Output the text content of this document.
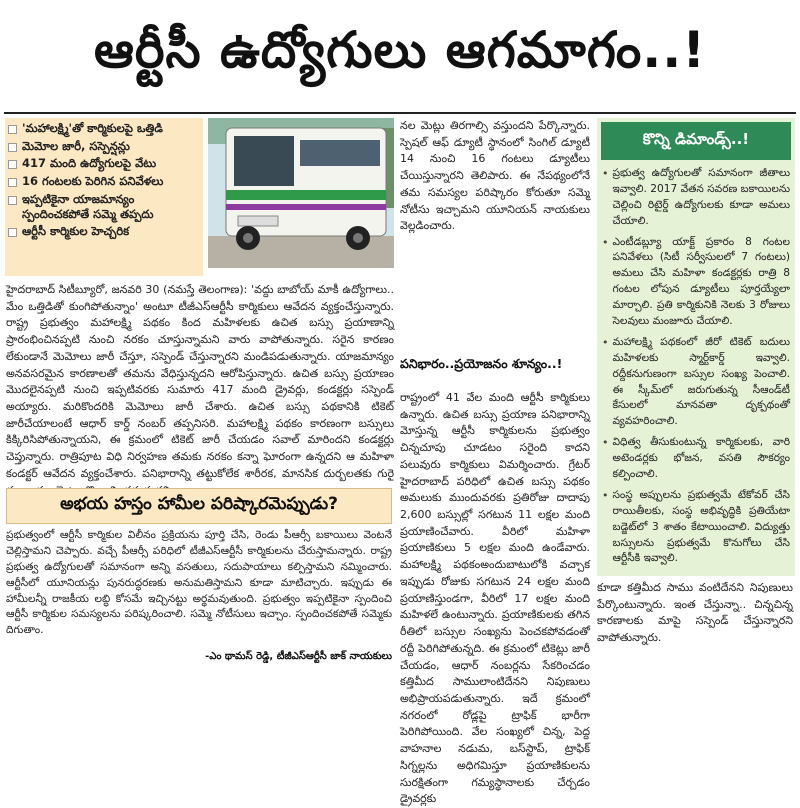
ఆర్టీసీ ఉద్యోగులు ఆగమాగం..!
'మహాలక్ష్మి'తో కార్మికులపై ఒత్తిడి
మెమోల జారీ, సస్పెన్షన్లు
417 మంది ఉద్యోగులపై వేటు
16 గంటలకు పెరిగిన పనివేళలు
ఇప్పటికైనా యాజమాన్యం స్పందించకపోతే సమ్మె తప్పదు
ఆర్టీసీ కార్మికుల హెచ్చరిక
హైదరాబాద్ సిటీబ్యూరో, జనవరి 30 (నమస్తే తెలంగాణ): 'వద్దు బాబోయ్ మాకీ ఉద్యోగాలు.. మేం ఒత్తిడితో కుంగిపోతున్నాం' అంటూ టీజీఎస్ఆర్టీసీ కార్మికులు ఆవేదన వ్యక్తంచేస్తున్నారు. రాష్ట్ర ప్రభుత్వం మహాలక్ష్మి పథకం కింద మహిళలకు ఉచిత బస్సు ప్రయాణాన్ని ప్రారంభించినప్పటి నుంచి నరకం చూస్తున్నామని వారు వాపోతున్నారు. సరైన కారణం లేకుండానే మెమోలు జారీ చేస్తూ, సస్పెండ్ చేస్తున్నారని మండిపడుతున్నారు. యాజమాన్యం అనవసరమైన కారణాలతో తమను వేధిస్తున్నదని ఆరోపిస్తున్నారు. ఉచిత బస్సు ప్రయాణం మొదలైనప్పటి నుంచి ఇప్పటివరకు సుమారు 417 మంది డ్రైవర్లు, కండక్టర్లు సస్పెండ్ అయ్యారు. మరికొందరికి మెమోలు జారీ చేశారు. ఉచిత బస్సు పథకానికి టికెట్ జారీచేయాలంటే ఆధార్ కార్డ్ నంబర్ తప్పనిసరి. మహాలక్ష్మి పథకం కారణంగా బస్సులు కిక్కిరిసిపోతున్నాయని, ఈ క్రమంలో టికెట్ జారీ చేయడం సవాల్ మారిందని కండక్టర్లు చెప్తున్నారు. రాత్రిపూట విధి నిర్వహణ తమకు నరకం కన్నా ఘోరంగా ఉన్నదని ఆ మహిళా కండక్టర్ ఆవేదన వ్యక్తంచేశారు. పనిభారాన్ని తట్టుకోలేక శారీరక, మానసిక దుర్బలతకు గురై
నల మెట్లు తిరగాల్సి వస్తుందని పేర్కొన్నారు. స్పెషల్ ఆఫ్ డ్యూటీ స్థానంలో సింగిల్ డ్యూటీ 14 నుంచి 16 గంటలు డ్యూటీలు చేయిస్తున్నారని తెలిపారు. ఈ నేపథ్యంలోనే తమ సమస్యల పరిష్కారం కోరుతూ సమ్మె నోటీసు ఇచ్చామని యూనియన్ నాయకులు వెల్లడించారు.
పనిభారం..ప్రయోజనం శూన్యం..!
రాష్ట్రంలో 41 వేల మంది ఆర్టీసీ కార్మికులు ఉన్నారు. ఉచిత బస్సు ప్రయాణ పనిభారాన్ని మోస్తున్న ఆర్టీసీ కార్మికులను ప్రభుత్వం చిన్నచూపు చూడటం సరైంది కాదని పలువురు కార్మికులు విమర్శించారు. గ్రేటర్ హైదరాబాద్ పరిధిలో ఉచిత బస్సు పథకం అమలుకు ముందువరకు ప్రతిరోజు దాదాపు 2,600 బస్సుల్లో సగటున 11 లక్షల మంది ప్రయాణించేవారు. వీరిలో మహిళా ప్రయాణికులు 5 లక్షల మంది ఉండేవారు. మహాలక్ష్మి పథకంఅందుబాటులోకి వచ్చాక ఇప్పుడు రోజుకు సగటున 24 లక్షల మంది ప్రయాణిస్తుండగా, వీరిలో 17 లక్షల మంది మహిళలే ఉంటున్నారు. ప్రయాణికులకు తగిన రీతిలో బస్సుల సంఖ్యను పెంచకపోవడంతో రద్దీ పెరిగిపోతున్నది. ఈ క్రమంలో టికెట్లు జారీ చేయడం, ఆధార్ నంబర్లను సేకరించడం కత్తిమీద సాములాంటిదేనని నిపుణులు అభిప్రాయపడుతున్నారు. ఇదే క్రమంలో నగరంలో రోడ్లపై ట్రాఫిక్ భారీగా పెరిగిపోయింది. వేల సంఖ్యలో చిన్న, పెద్ద వాహనాల నడుమ, బస్‌స్టాప్, ట్రాఫిక్ సిగ్నల్లను అధిగమిస్తూ ప్రయాణికులను సురక్షితంగా గమ్యస్థానాలకు చేర్చడం డ్రైవర్లకు
కూడా కత్తిమీద సాము వంటిదేనని నిపుణులు పేర్కొంటున్నారు. ఇంత చేస్తున్నా.. చిన్నచిన్న కారణాలకు మాపై సస్పెండ్ చేస్తున్నారని వాపోతున్నారు.
అభయ హస్తం హామీల పరిష్కారమెప్పుడు?
ప్రభుత్వంలో ఆర్టీసీ కార్మికుల విలీనం ప్రక్రియను పూర్తి చేసి, రెండు పీఆర్సీ బకాయిలు వెంటనే చెల్లిస్తామని చెప్పారు. వచ్చే పీఆర్సీ పరిధిలో టీజీఎస్ఆర్టీసీ కార్మికులను చేరుస్తామన్నారు. రాష్ట్ర ప్రభుత్వ ఉద్యోగులతో సమానంగా అన్ని వసతులు, సదుపాయాలు కల్పిస్తామని నమ్మించారు. ఆర్టీసీలో యూనియన్లు పునరుద్ధరణకు అనుమతిస్తామని కూడా మాటిచ్చారు. ఇప్పుడు ఈ హామీలన్నీ రాజకీయ లబ్ధి కోసమే ఇచ్చినట్టు అర్థమవుతుంది. ప్రభుత్వం ఇప్పటికైనా స్పందించి ఆర్టీసీ కార్మికుల సమస్యలను పరిష్కరించాలి. సమ్మె నోటీసులు ఇచ్చాం. స్పందించకపోతే సమ్మెకు దిగుతాం.
-ఎం థామస్ రెడ్డి, టీజీఎస్ఆర్టీసీ జాక్ నాయకులు
కొన్ని డిమాండ్స్..!
• ప్రభుత్వ ఉద్యోగులతో సమానంగా జీతాలు ఇవ్వాలి. 2017 వేతన సవరణ బకాయిలను చెల్లించి రిటైర్డ్ ఉద్యోగులకు కూడా అమలు చేయాలి.
• ఎంటీడబ్ల్యూ యాక్ట్ ప్రకారం 8 గంటల పనివేళలు (సిటీ సర్వీసులలో 7 గంటలు) అమలు చేసి మహిళా కండక్టర్లకు రాత్రి 8 గంటల లోపున డ్యూటీలు పూర్తయ్యేలా మార్చాలి. ప్రతి కార్మికునికి నెలకు 3 రోజులు సెలవులు మంజూరు చేయాలి.
• మహాలక్ష్మి పథకంలో జీరో టికెట్ బదులు మహిళలకు స్మార్ట్‌కార్డ్ ఇవ్వాలి. రద్దీకనుగుణంగా బస్సుల సంఖ్య పెంచాలి. ఈ స్కీమ్‌లో జరుగుతున్న సీఆండ్‌టీ కేసులలో మానవతా దృక్పథంతో వ్యవహరించాలి.
• విధిత్వ తీసుకుంటున్న కార్మికులకు, వారి అటెండర్లకు భోజన, వసతి సౌకర్యం కల్పించాలి.
• సంస్థ అప్పులను ప్రభుత్వమే టేకోవర్ చేసి రాయితీలకు, సంస్థ అభివృద్ధికి ప్రతియేటా బడ్జెట్‌లో 3 శాతం కేటాయించాలి. విద్యుత్తు బస్సులను ప్రభుత్వమే కొనుగోలు చేసి ఆర్టీసీకి ఇవ్వాలి.
